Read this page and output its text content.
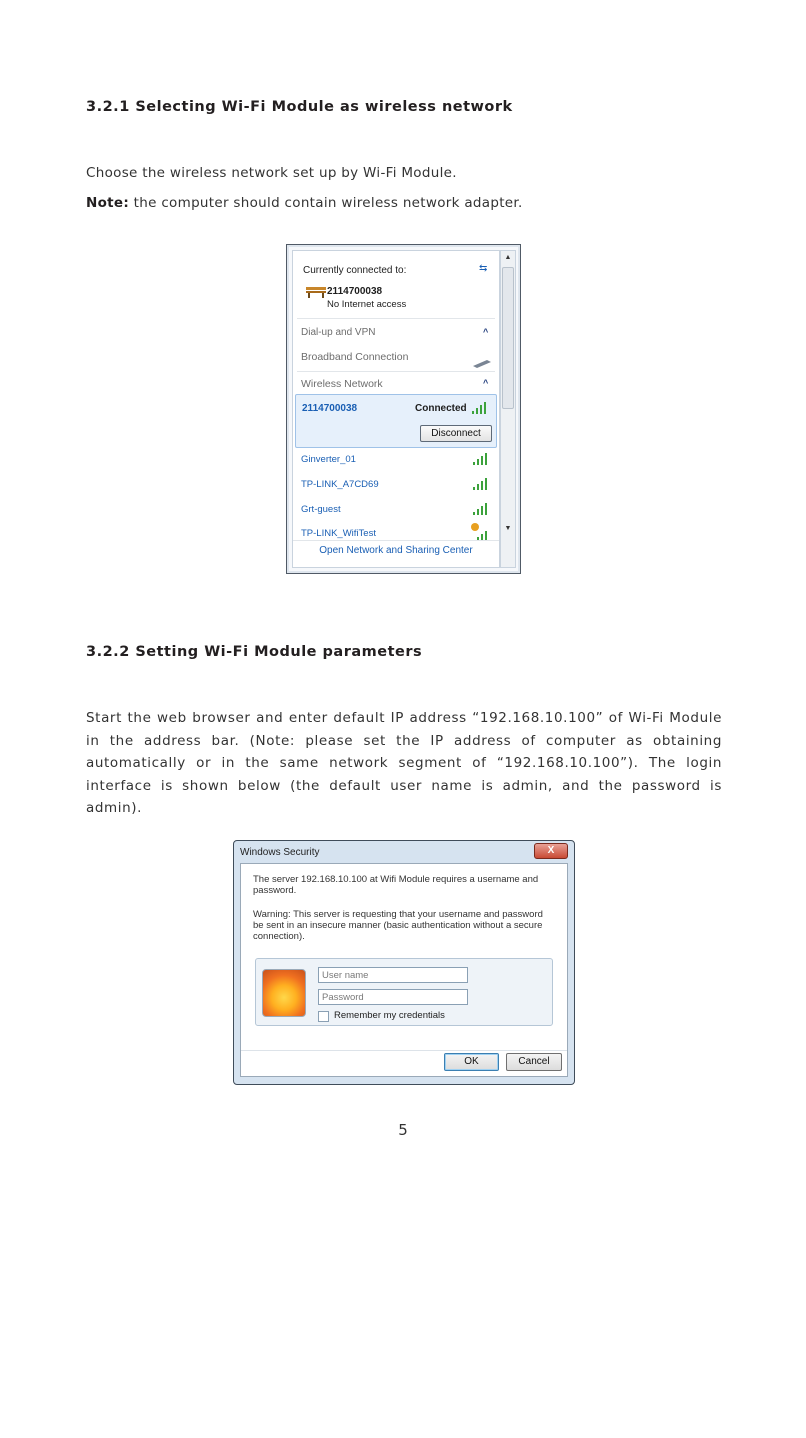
3.2.1 Selecting Wi-Fi Module as wireless network
Choose the wireless network set up by Wi-Fi Module.
Note: the computer should contain wireless network adapter.
Currently connected to:	⇆
2114700038
No Internet access
Dial-up and VPN	^
Broadband Connection
Wireless Network	^
2114700038	Connected
Disconnect
Ginverter_01
TP-LINK_A7CD69
Grt-guest
TP-LINK_WifiTest
Open Network and Sharing Center
▲
▼
3.2.2 Setting Wi-Fi Module parameters
Start the web browser and enter default IP address “192.168.10.100” of Wi-Fi Module in the address bar. (Note: please set the IP address of computer as obtaining automatically or in the same network segment of “192.168.10.100”). The login interface is shown below (the default user name is admin, and the password is admin).
Windows Security	X
The server 192.168.10.100 at Wifi Module requires a username and password.
Warning: This server is requesting that your username and password be sent in an insecure manner (basic authentication without a secure connection).
User name
Password
Remember my credentials
OK	Cancel
5
